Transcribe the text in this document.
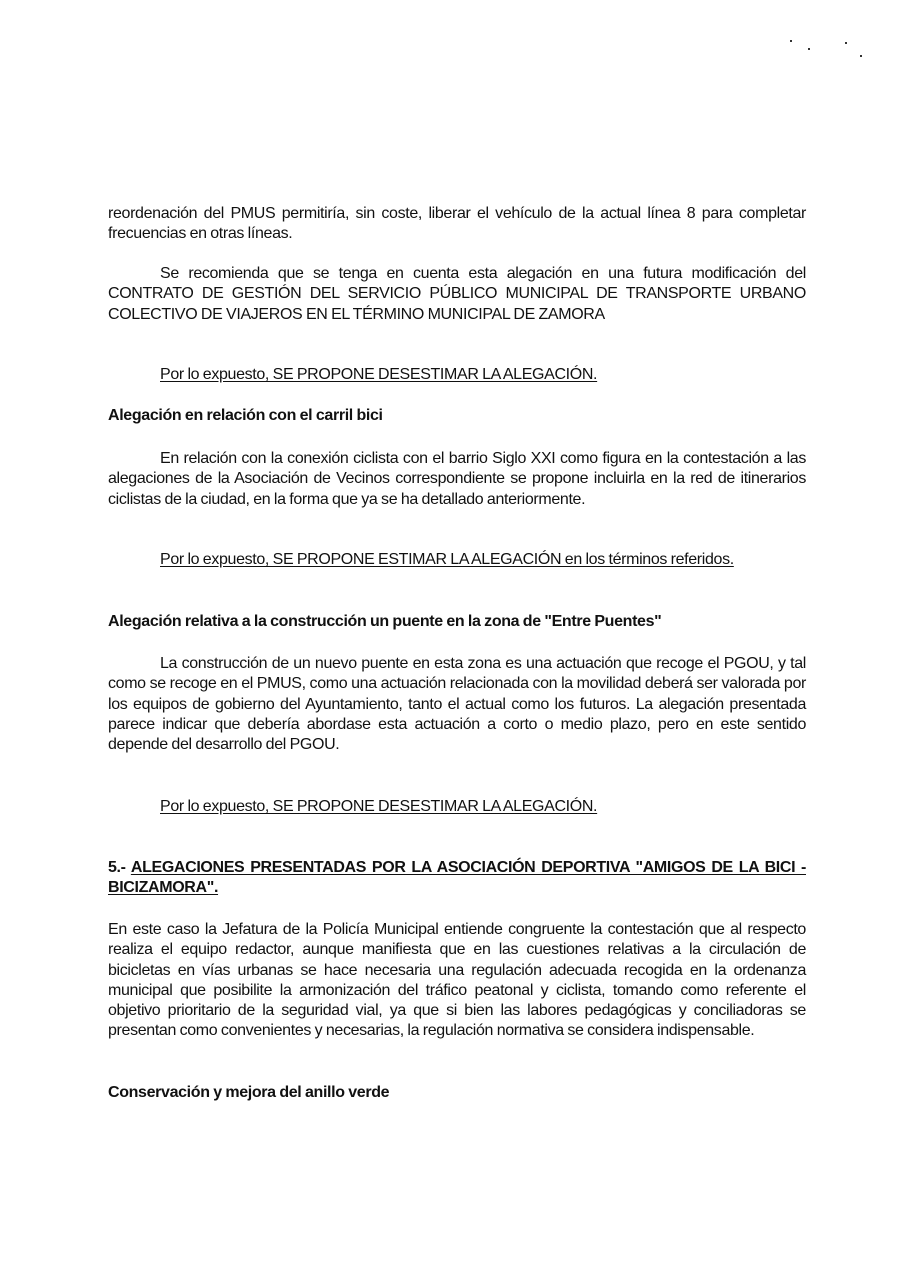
reordenación del PMUS permitiría, sin coste, liberar el vehículo de la actual línea 8 para completar frecuencias en otras líneas.

Se recomienda que se tenga en cuenta esta alegación en una futura modificación del CONTRATO DE GESTIÓN DEL SERVICIO PÚBLICO MUNICIPAL DE TRANSPORTE URBANO COLECTIVO DE VIAJEROS EN EL TÉRMINO MUNICIPAL DE ZAMORA

Por lo expuesto, SE PROPONE DESESTIMAR LA ALEGACIÓN.

Alegación en relación con el carril bici

En relación con la conexión ciclista con el barrio Siglo XXI como figura en la contestación a las alegaciones de la Asociación de Vecinos correspondiente se propone incluirla en la red de itinerarios ciclistas de la ciudad, en la forma que ya se ha detallado anteriormente.

Por lo expuesto, SE PROPONE ESTIMAR LA ALEGACIÓN en los términos referidos.

Alegación relativa a la construcción un puente en la zona de "Entre Puentes"

La construcción de un nuevo puente en esta zona es una actuación que recoge el PGOU, y tal como se recoge en el PMUS, como una actuación relacionada con la movilidad deberá ser valorada por los equipos de gobierno del Ayuntamiento, tanto el actual como los futuros. La alegación presentada parece indicar que debería abordase esta actuación a corto o medio plazo, pero en este sentido depende del desarrollo del PGOU.

Por lo expuesto, SE PROPONE DESESTIMAR LA ALEGACIÓN.

5.- ALEGACIONES PRESENTADAS POR LA ASOCIACIÓN DEPORTIVA "AMIGOS DE LA BICI - BICIZAMORA".

En este caso la Jefatura de la Policía Municipal entiende congruente la contestación que al respecto realiza el equipo redactor, aunque manifiesta que en las cuestiones relativas a la circulación de bicicletas en vías urbanas se hace necesaria una regulación adecuada recogida en la ordenanza municipal que posibilite la armonización del tráfico peatonal y ciclista, tomando como referente el objetivo prioritario de la seguridad vial, ya que si bien las labores pedagógicas y conciliadoras se presentan como convenientes y necesarias, la regulación normativa se considera indispensable.

Conservación y mejora del anillo verde
